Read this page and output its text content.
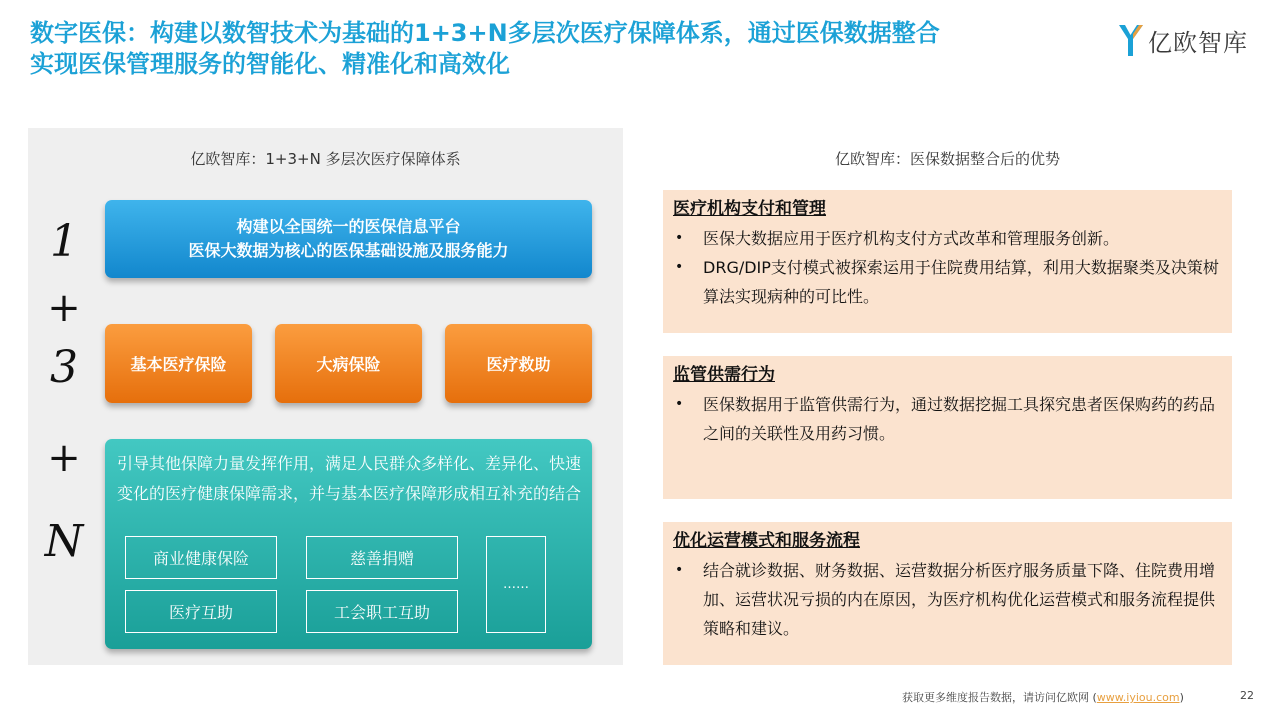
数字医保：构建以数智技术为基础的1+3+N多层次医疗保障体系，通过医保数据整合
实现医保管理服务的智能化、精准化和高效化
亿欧智库
亿欧智库：1+3+N 多层次医疗保障体系
1
+
3
+
N
构建以全国统一的医保信息平台
医保大数据为核心的医保基础设施及服务能力
基本医疗保险	大病保险	医疗救助

引导其他保障力量发挥作用，满足人民群众多样化、差异化、快速变化的医疗健康保障需求，并与基本医疗保障形成相互补充的结合

商业健康保险	慈善捐赠
医疗互助	工会职工互助
……
亿欧智库：医保数据整合后的优势

医疗机构支付和管理

• 医保大数据应用于医疗机构支付方式改革和管理服务创新。
• DRG/DIP支付模式被探索运用于住院费用结算，利用大数据聚类及决策树算法实现病种的可比性。

监管供需行为

• 医保数据用于监管供需行为，通过数据挖掘工具探究患者医保购药的药品之间的关联性及用药习惯。

优化运营模式和服务流程

• 结合就诊数据、财务数据、运营数据分析医疗服务质量下降、住院费用增加、运营状况亏损的内在原因，为医疗机构优化运营模式和服务流程提供策略和建议。
获取更多维度报告数据，请访问亿欧网 (www.iyiou.com)	22
